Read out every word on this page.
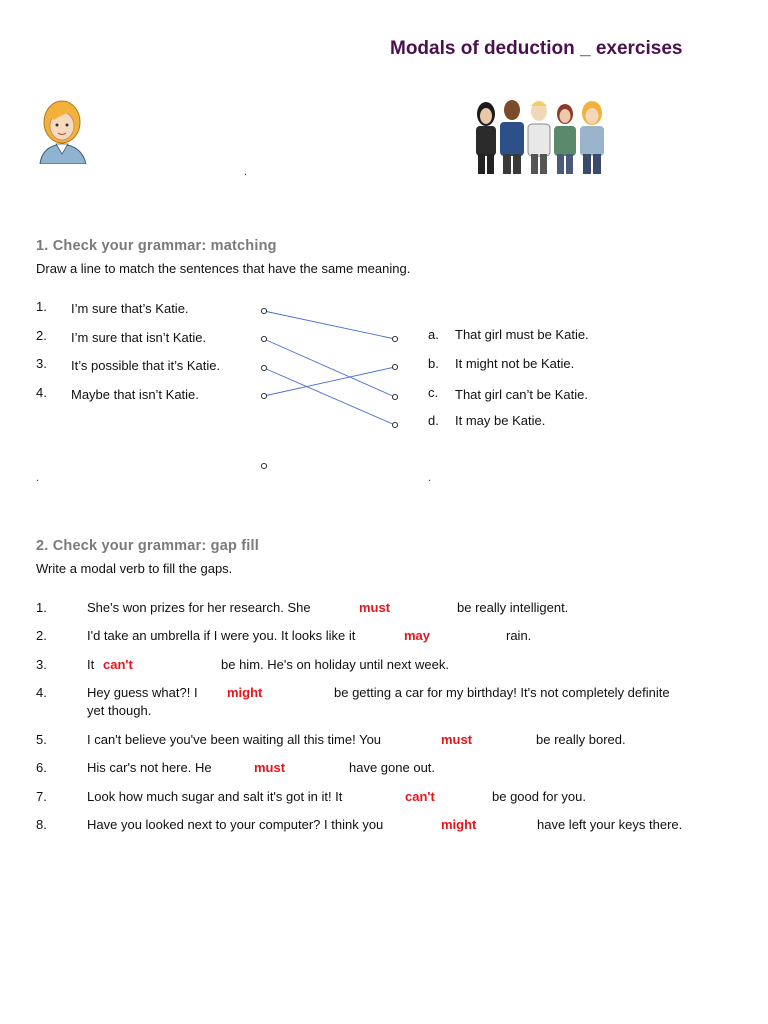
Modals of deduction _ exercises
.
1. Check your grammar: matching
Draw a line to match the sentences that have the same meaning.
1. I’m sure that’s Katie.
2. I’m sure that isn’t Katie.
3. It’s possible that it’s Katie.
4. Maybe that isn’t Katie.
a. That girl must be Katie.
b. It might not be Katie.
c. That girl can’t be Katie.
d. It may be Katie.
.	.
2. Check your grammar: gap fill
Write a modal verb to fill the gaps.
1.	She's won prizes for her research. She	must	be really intelligent.
2.	I'd take an umbrella if I were you. It looks like it	may	rain.
3.	It can't	be him. He's on holiday until next week.
4.	Hey guess what?! I might	be getting a car for my birthday! It's not completely definite
yet though.
5.	I can't believe you've been waiting all this time! You	must	be really bored.
6.	His car's not here. He	must	have gone out.
7.	Look how much sugar and salt it's got in it! It	can't	be good for you.
8.	Have you looked next to your computer? I think you	might	have left your keys there.
